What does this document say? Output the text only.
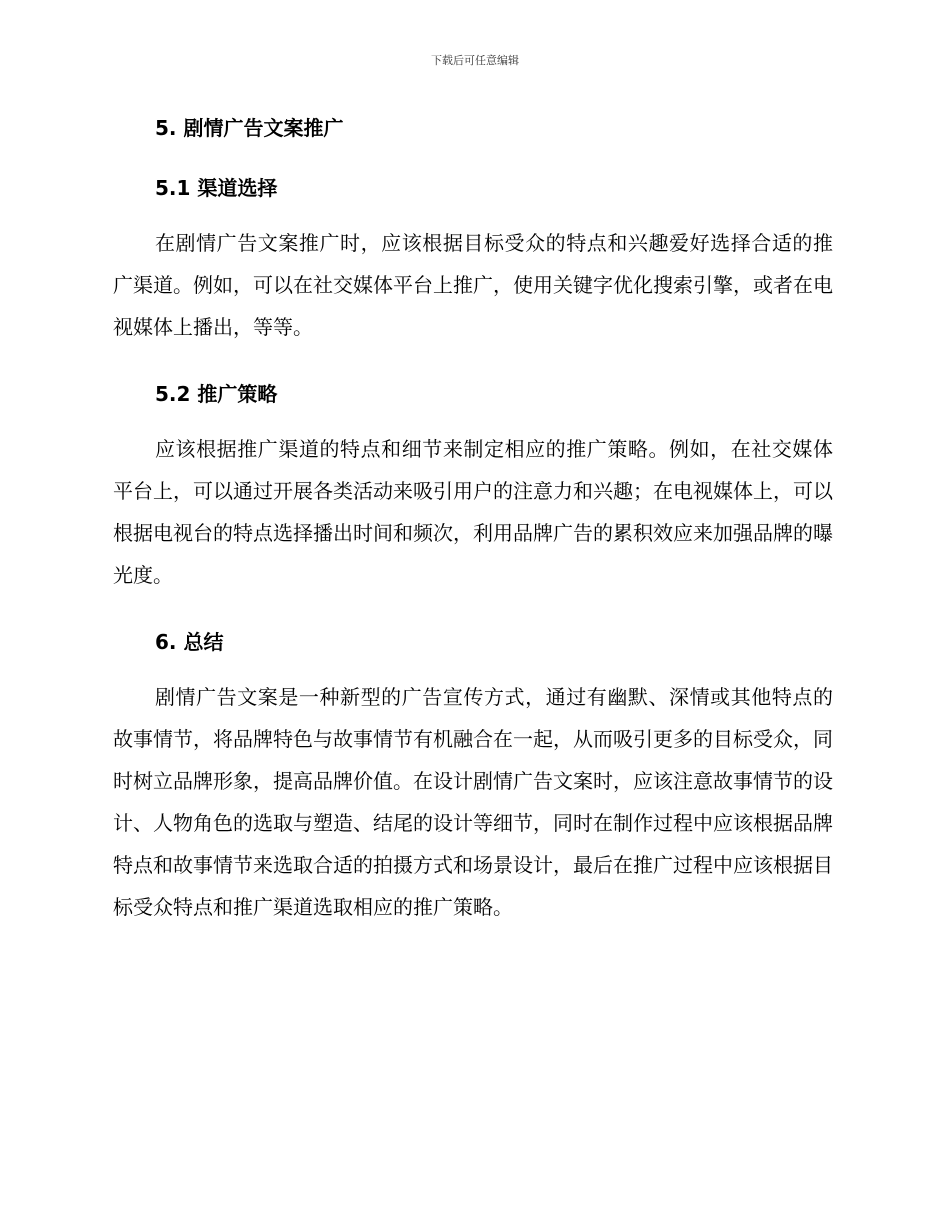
下载后可任意编辑
5. 剧情广告文案推广
5.1 渠道选择

在剧情广告文案推广时，应该根据目标受众的特点和兴趣爱好选择合适的推广渠道。例如，可以在社交媒体平台上推广，使用关键字优化搜索引擎，或者在电视媒体上播出，等等。

5.2 推广策略

应该根据推广渠道的特点和细节来制定相应的推广策略。例如，在社交媒体平台上，可以通过开展各类活动来吸引用户的注意力和兴趣；在电视媒体上，可以根据电视台的特点选择播出时间和频次，利用品牌广告的累积效应来加强品牌的曝光度。

6. 总结

剧情广告文案是一种新型的广告宣传方式，通过有幽默、深情或其他特点的故事情节，将品牌特色与故事情节有机融合在一起，从而吸引更多的目标受众，同时树立品牌形象，提高品牌价值。在设计剧情广告文案时，应该注意故事情节的设计、人物角色的选取与塑造、结尾的设计等细节，同时在制作过程中应该根据品牌特点和故事情节来选取合适的拍摄方式和场景设计，最后在推广过程中应该根据目标受众特点和推广渠道选取相应的推广策略。
